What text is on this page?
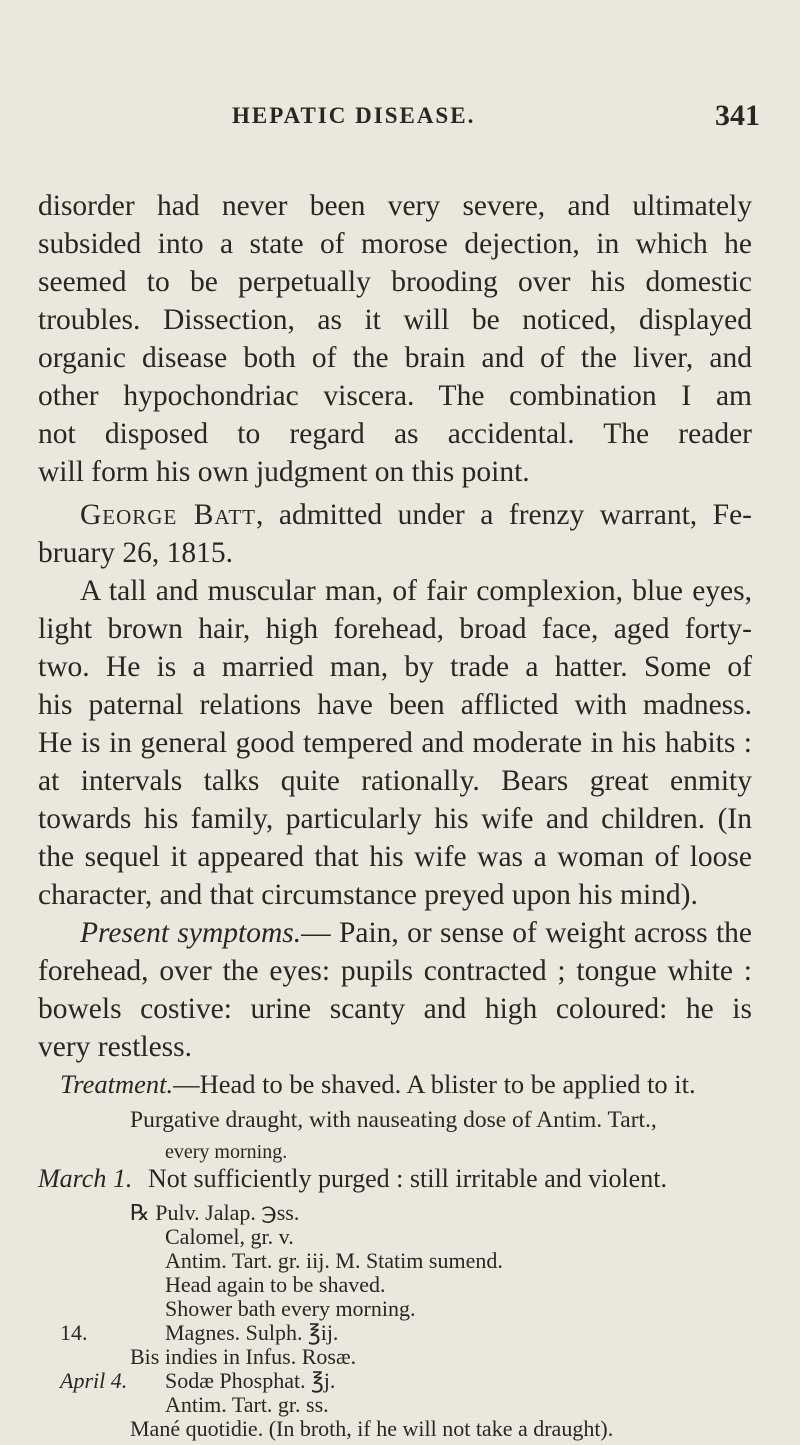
HEPATIC DISEASE.	341
disorder had never been very severe, and ultimately
subsided into a state of morose dejection, in which he
seemed to be perpetually brooding over his domestic
troubles. Dissection, as it will be noticed, displayed
organic disease both of the brain and of the liver, and
other hypochondriac viscera. The combination I am
not disposed to regard as accidental. The reader
will form his own judgment on this point.
George Batt, admitted under a frenzy warrant, Fe-
bruary 26, 1815.
A tall and muscular man, of fair complexion, blue eyes,
light brown hair, high forehead, broad face, aged forty-
two. He is a married man, by trade a hatter. Some of
his paternal relations have been afflicted with madness.
He is in general good tempered and moderate in his habits :
at intervals talks quite rationally. Bears great enmity
towards his family, particularly his wife and children. (In
the sequel it appeared that his wife was a woman of loose
character, and that circumstance preyed upon his mind).
Present symptoms.— Pain, or sense of weight across the
forehead, over the eyes: pupils contracted ; tongue white :
bowels costive: urine scanty and high coloured: he is
very restless.
Treatment.—Head to be shaved. A blister to be applied to it.
Purgative draught, with nauseating dose of Antim. Tart.,
every morning.
March 1. Not sufficiently purged : still irritable and violent.
℞ Pulv. Jalap. ℈ss.
Calomel, gr. v.
Antim. Tart. gr. iij. M. Statim sumend.
Head again to be shaved.
Shower bath every morning.
14.	Magnes. Sulph. ℥ij.
Bis indies in Infus. Rosæ.
April 4. Sodæ Phosphat. ℥j.
Antim. Tart. gr. ss.
Mané quotidie. (In broth, if he will not take a draught).
